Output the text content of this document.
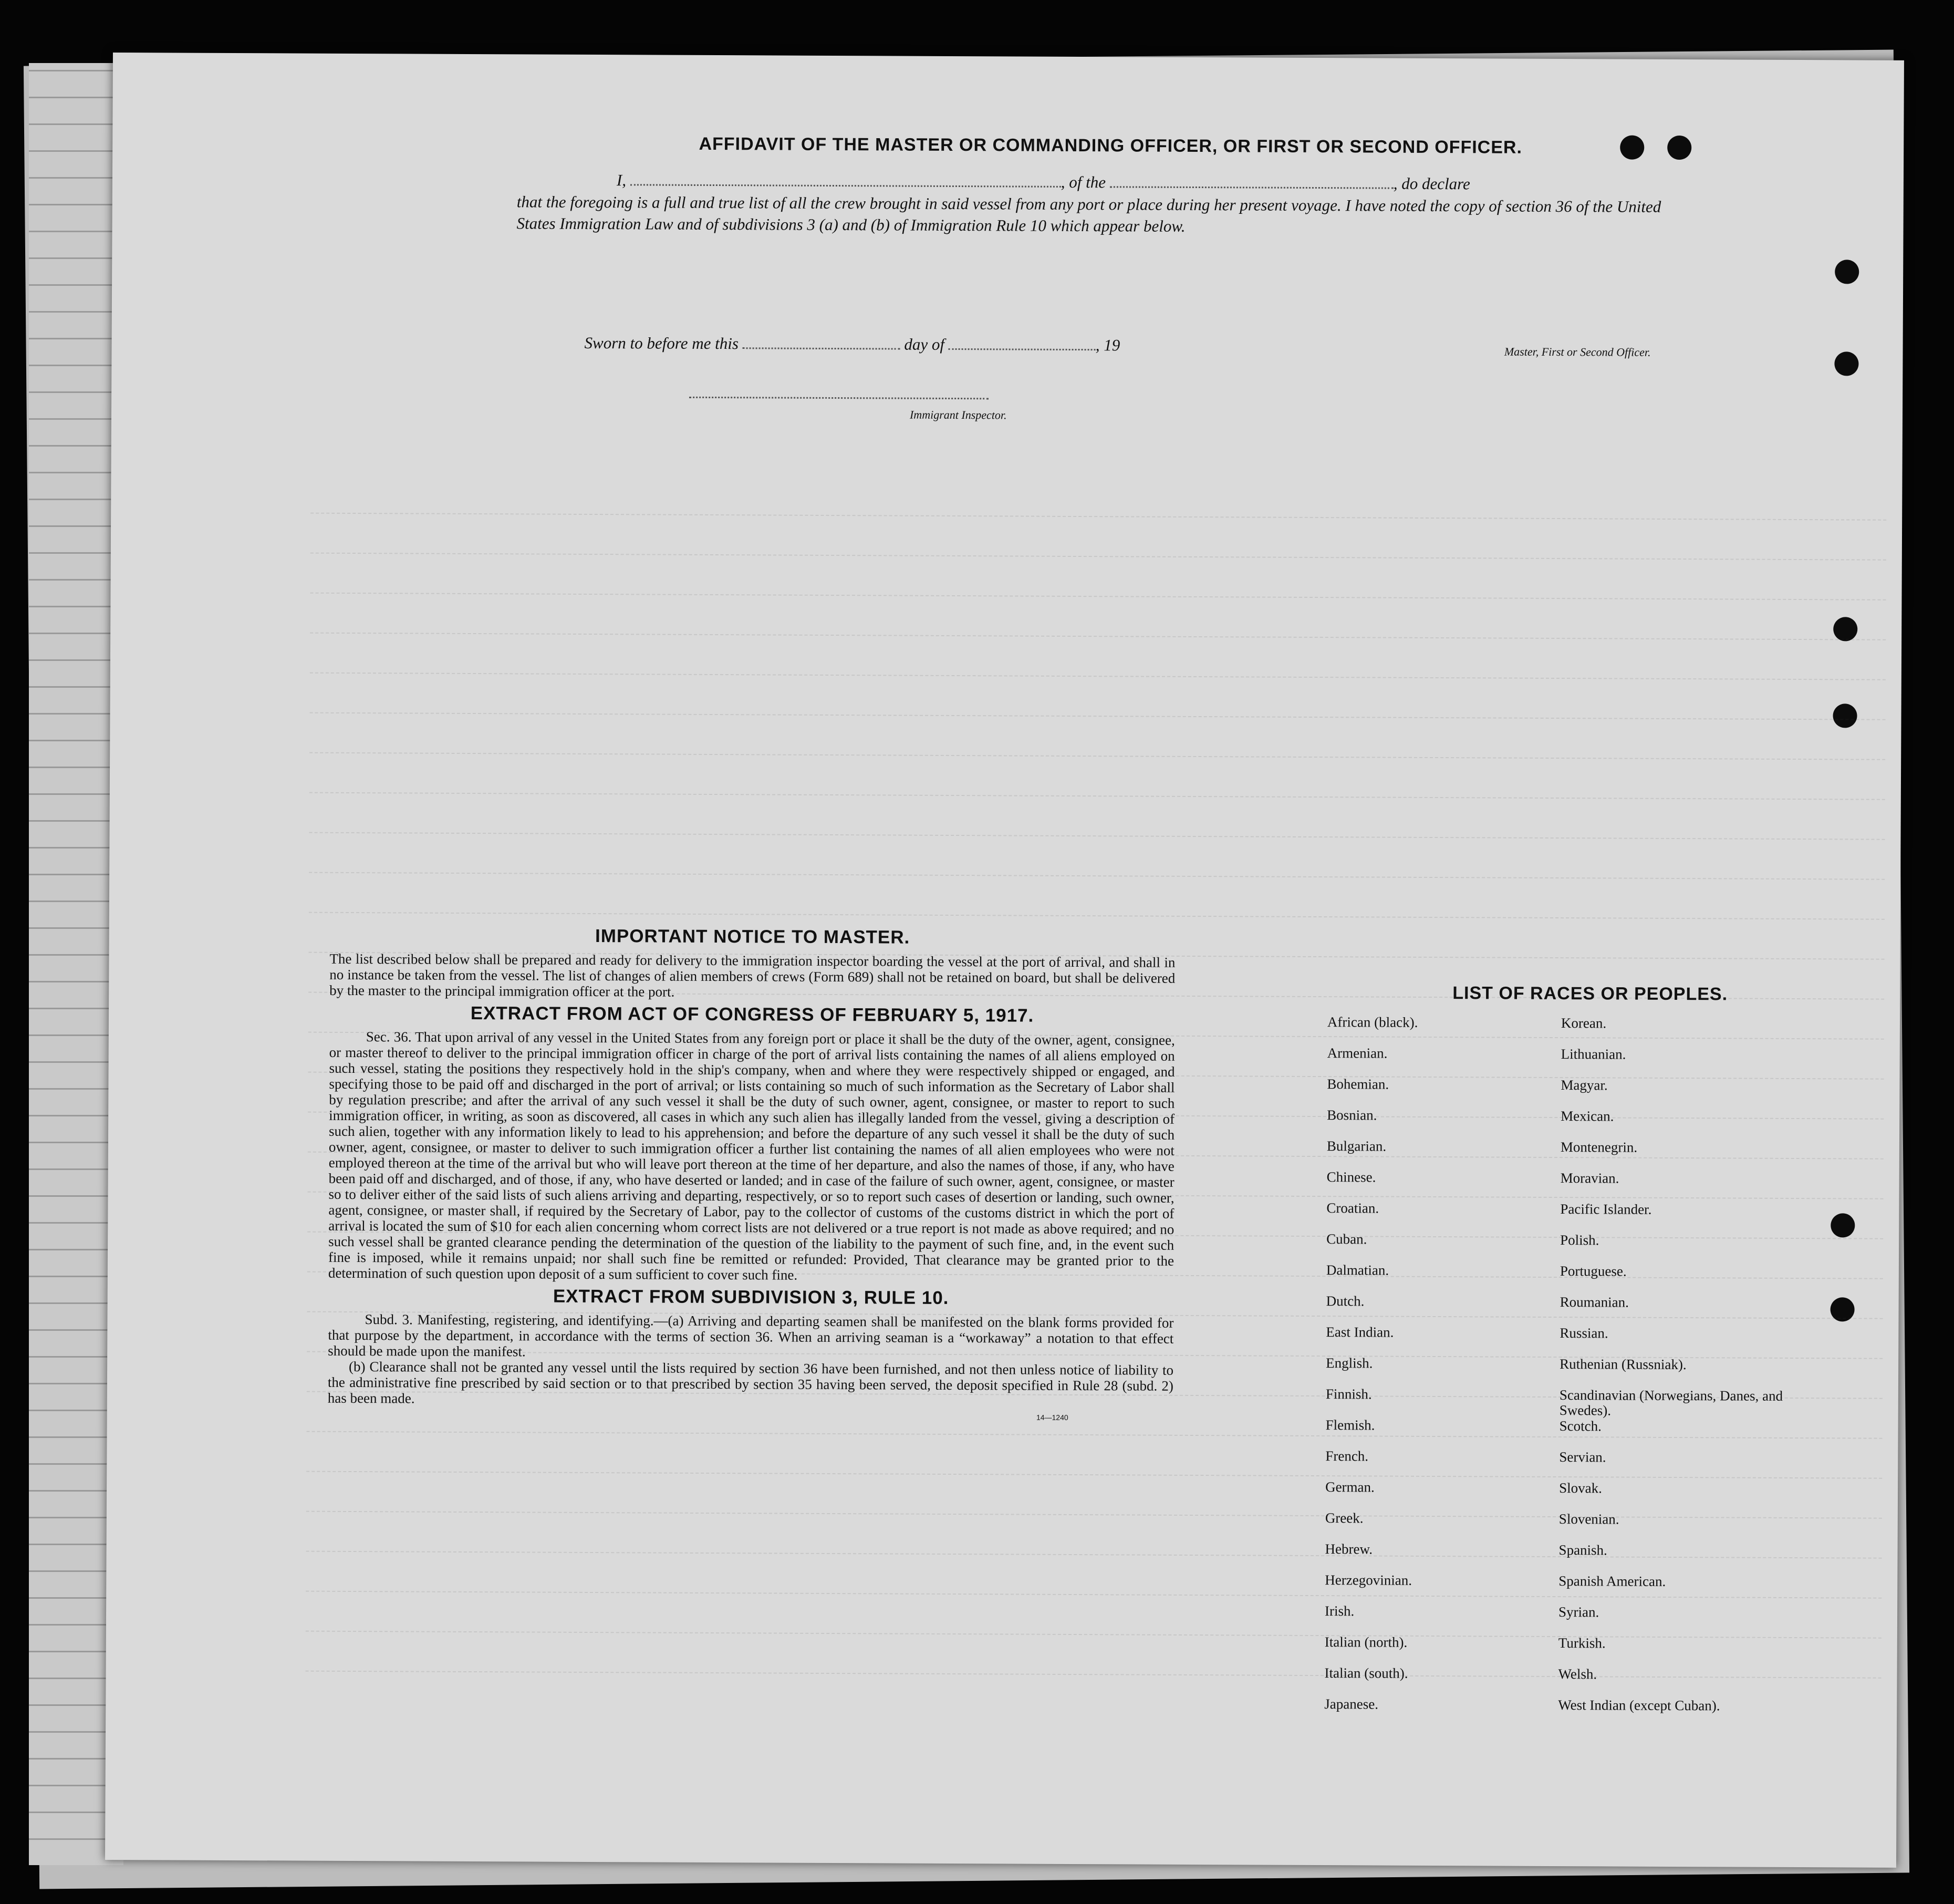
AFFIDAVIT OF THE MASTER OR COMMANDING OFFICER, OR FIRST OR SECOND OFFICER.
I,	, of the	, do declare
that the foregoing is a full and true list of all the crew brought in said vessel from any port or place during her present voyage. I have noted the copy of section 36 of the United States Immigration Law and of subdivisions 3 (a) and (b) of Immigration Rule 10 which appear below.
Master, First or Second Officer.
Sworn to before me this	day of	, 19
Immigrant Inspector.
IMPORTANT NOTICE TO MASTER.

The list described below shall be prepared and ready for delivery to the immigration inspector boarding the vessel at the port of arrival, and shall in no instance be taken from the vessel. The list of changes of alien members of crews (Form 689) shall not be retained on board, but shall be delivered by the master to the principal immigration officer at the port.

EXTRACT FROM ACT OF CONGRESS OF FEBRUARY 5, 1917.

Sec. 36. That upon arrival of any vessel in the United States from any foreign port or place it shall be the duty of the owner, agent, consignee, or master thereof to deliver to the principal immigration officer in charge of the port of arrival lists containing the names of all aliens employed on such vessel, stating the positions they respectively hold in the ship's company, when and where they were respectively shipped or engaged, and specifying those to be paid off and discharged in the port of arrival; or lists containing so much of such information as the Secretary of Labor shall by regulation prescribe; and after the arrival of any such vessel it shall be the duty of such owner, agent, consignee, or master to report to such immigration officer, in writing, as soon as discovered, all cases in which any such alien has illegally landed from the vessel, giving a description of such alien, together with any information likely to lead to his apprehension; and before the departure of any such vessel it shall be the duty of such owner, agent, consignee, or master to deliver to such immigration officer a further list containing the names of all alien employees who were not employed thereon at the time of the arrival but who will leave port thereon at the time of her departure, and also the names of those, if any, who have been paid off and discharged, and of those, if any, who have deserted or landed; and in case of the failure of such owner, agent, consignee, or master so to deliver either of the said lists of such aliens arriving and departing, respectively, or so to report such cases of desertion or landing, such owner, agent, consignee, or master shall, if required by the Secretary of Labor, pay to the collector of customs of the customs district in which the port of arrival is located the sum of $10 for each alien concerning whom correct lists are not delivered or a true report is not made as above required; and no such vessel shall be granted clearance pending the determination of the question of the liability to the payment of such fine, and, in the event such fine is imposed, while it remains unpaid; nor shall such fine be remitted or refunded: Provided, That clearance may be granted prior to the determination of such question upon deposit of a sum sufficient to cover such fine.

EXTRACT FROM SUBDIVISION 3, RULE 10.

Subd. 3. Manifesting, registering, and identifying.—(a) Arriving and departing seamen shall be manifested on the blank forms provided for that purpose by the department, in accordance with the terms of section 36. When an arriving seaman is a “workaway” a notation to that effect should be made upon the manifest.

(b) Clearance shall not be granted any vessel until the lists required by section 36 have been furnished, and not then unless notice of liability to the administrative fine prescribed by said section or to that prescribed by section 35 having been served, the deposit specified in Rule 28 (subd. 2) has been made.

14—1240
LIST OF RACES OR PEOPLES.
African (black).
Armenian.
Bohemian.
Bosnian.
Bulgarian.
Chinese.
Croatian.
Cuban.
Dalmatian.
Dutch.
East Indian.
English.
Finnish.
Flemish.
French.
German.
Greek.
Hebrew.
Herzegovinian.
Irish.
Italian (north).
Italian (south).
Japanese.
Korean.
Lithuanian.
Magyar.
Mexican.
Montenegrin.
Moravian.
Pacific Islander.
Polish.
Portuguese.
Roumanian.
Russian.
Ruthenian (Russniak).
Scandinavian (Norwegians, Danes, and Swedes).
Scotch.
Servian.
Slovak.
Slovenian.
Spanish.
Spanish American.
Syrian.
Turkish.
Welsh.
West Indian (except Cuban).
